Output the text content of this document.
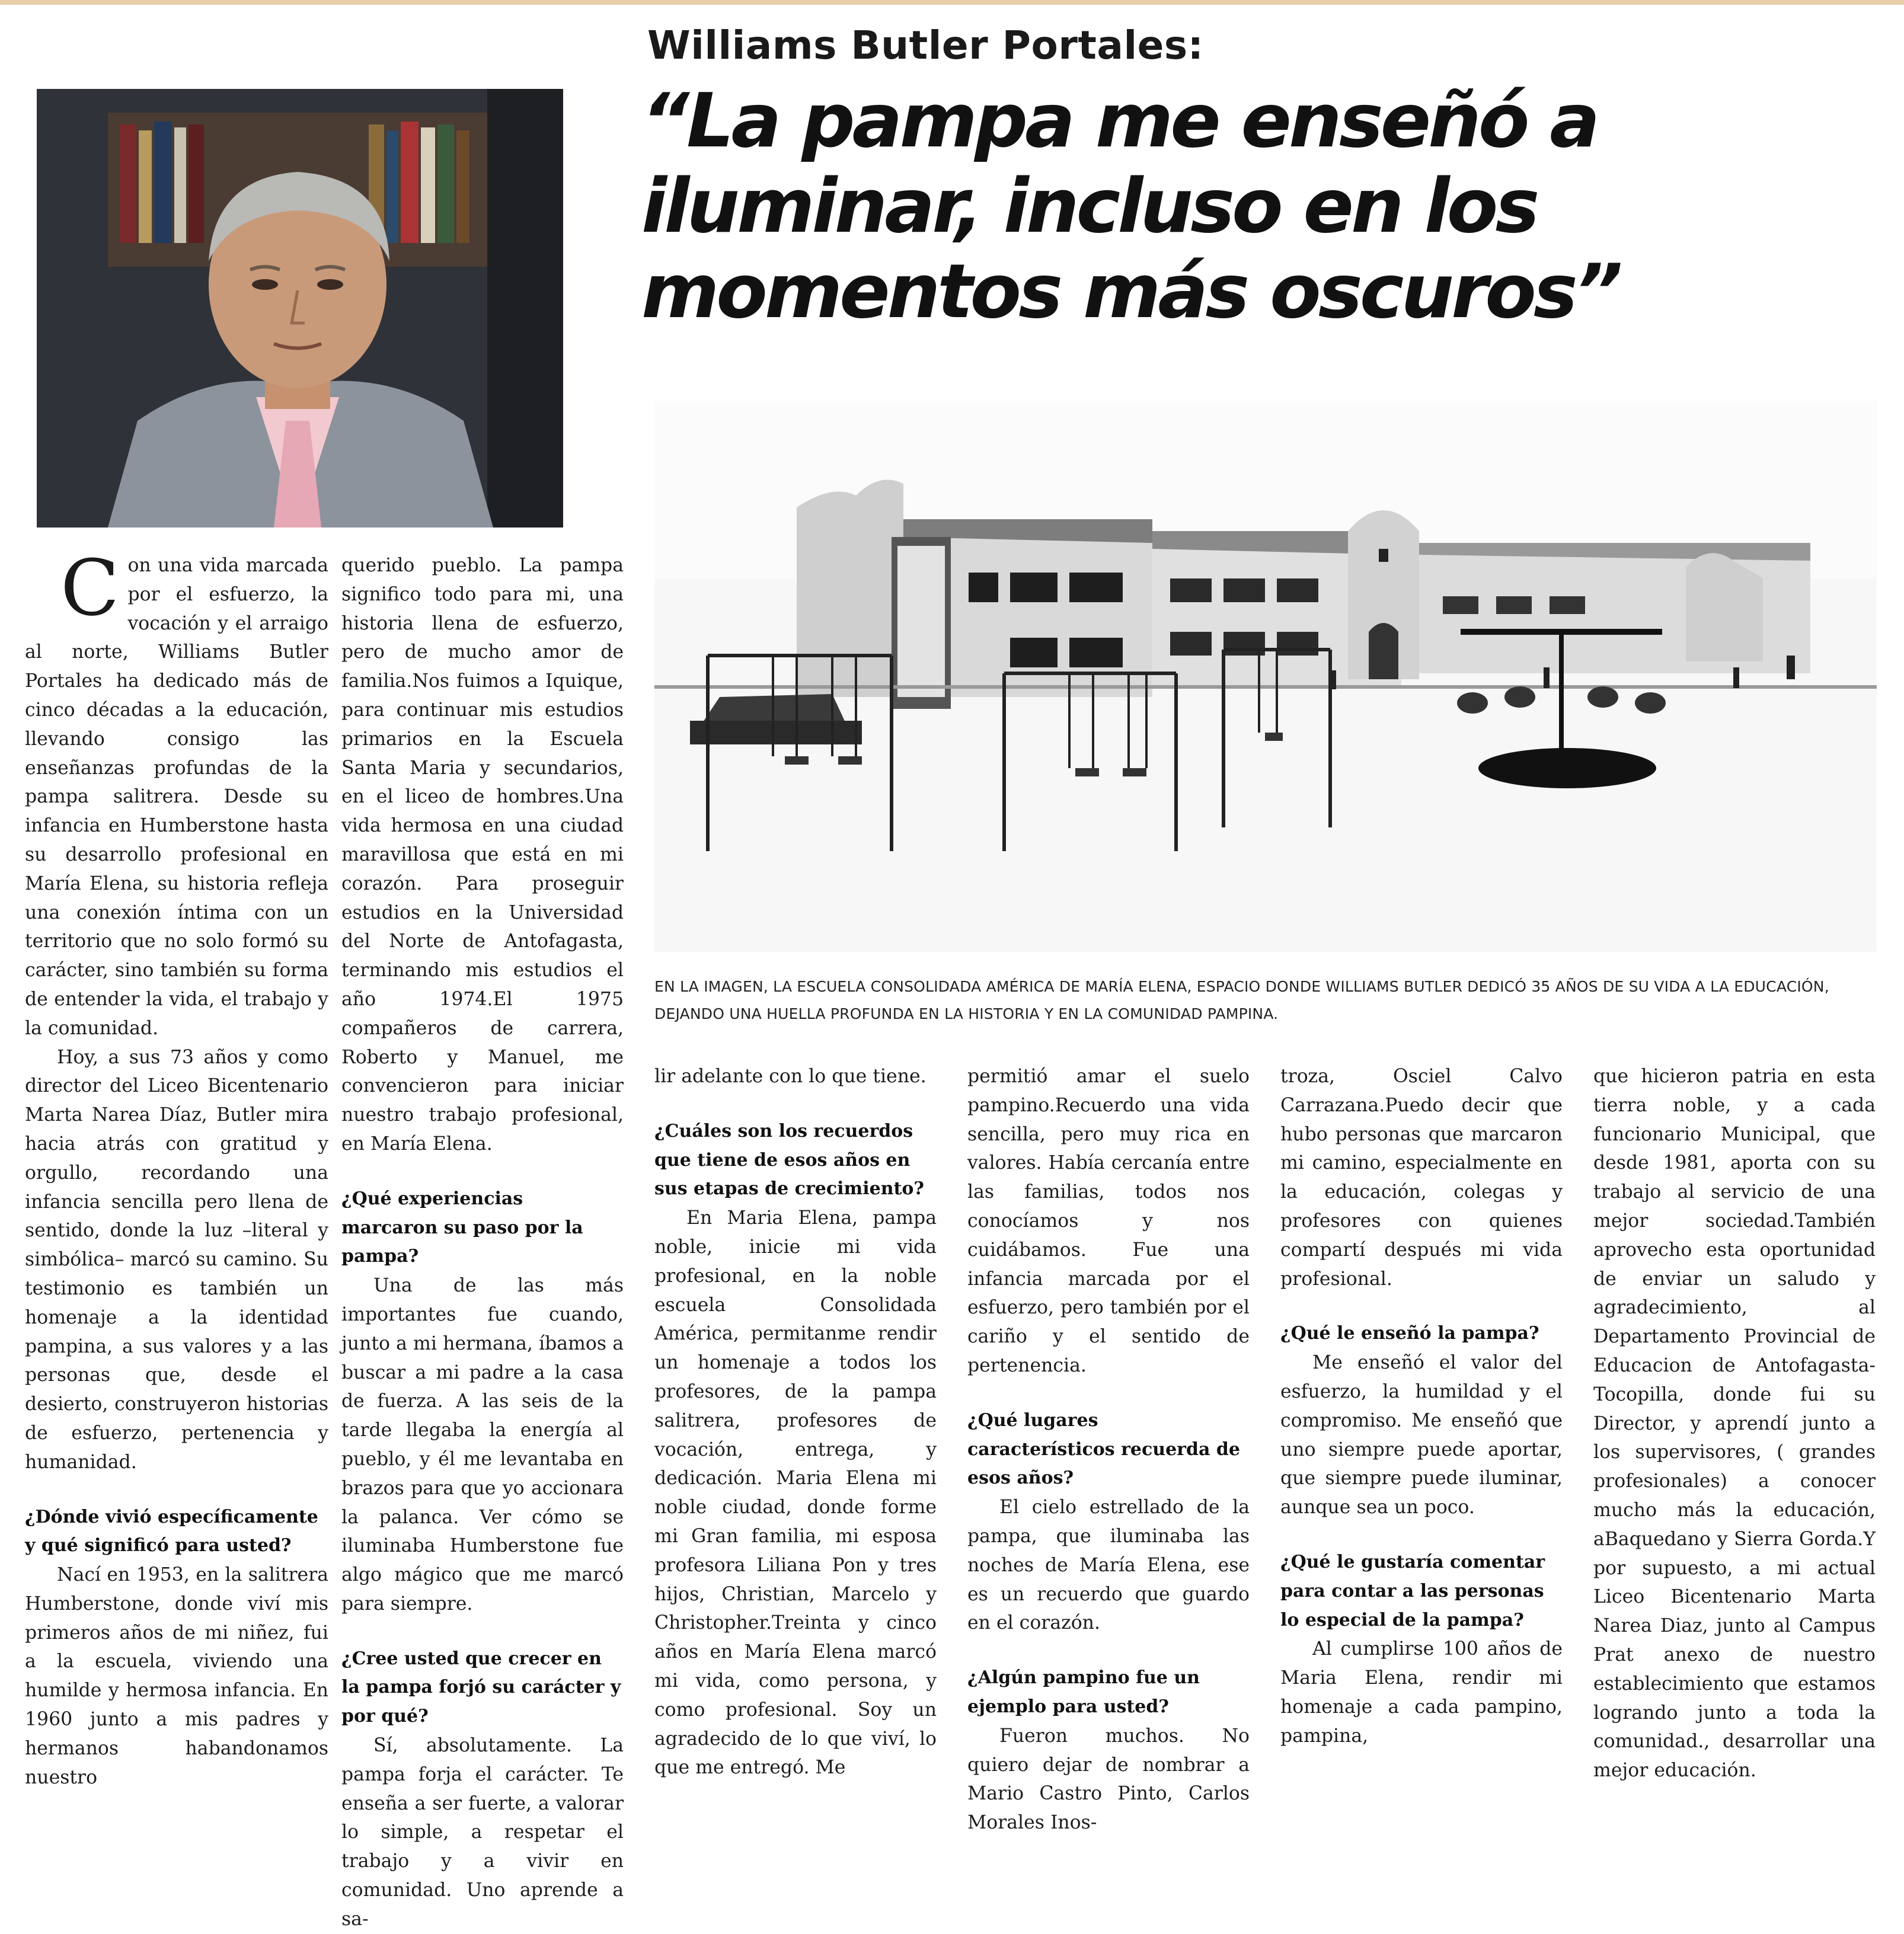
Williams Butler Portales:
“La pampa me enseñó a iluminar, incluso en los momentos más oscuros”
EN LA IMAGEN, LA ESCUELA CONSOLIDADA AMÉRICA DE MARÍA ELENA, ESPACIO DONDE WILLIAMS BUTLER DEDICÓ 35 AÑOS DE SU VIDA A LA EDUCACIÓN, DEJANDO UNA HUELLA PROFUNDA EN LA HISTORIA Y EN LA COMUNIDAD PAMPINA.

Con una vida marcada por el esfuerzo, la vocación y el arraigo al norte, Williams Butler Portales ha dedicado más de cinco décadas a la educación, llevando consigo las enseñanzas profundas de la pampa salitrera. Desde su infancia en Humberstone hasta su desarrollo profesional en María Elena, su historia refleja una conexión íntima con un territorio que no solo formó su carácter, sino también su forma de entender la vida, el trabajo y la comunidad.

Hoy, a sus 73 años y como director del Liceo Bicentenario Marta Narea Díaz, Butler mira hacia atrás con gratitud y orgullo, recordando una infancia sencilla pero llena de sentido, donde la luz –literal y simbólica– marcó su camino. Su testimonio es también un homenaje a la identidad pampina, a sus valores y a las personas que, desde el desierto, construyeron historias de esfuerzo, pertenencia y humanidad.

¿Dónde vivió específicamente y qué significó para usted?

Nací en 1953, en la salitrera Humberstone, donde viví mis primeros años de mi niñez, fui a la escuela, viviendo una humilde y hermosa infancia. En 1960 junto a mis padres y hermanos habandonamos nuestro

querido pueblo. La pampa significo todo para mi, una historia llena de esfuerzo, pero de mucho amor de familia.Nos fuimos a Iquique, para continuar mis estudios primarios en la Escuela Santa Maria y secundarios, en el liceo de hombres.Una vida hermosa en una ciudad maravillosa que está en mi corazón. Para proseguir estudios en la Universidad del Norte de Antofagasta, terminando mis estudios el año 1974.El 1975 compañeros de carrera, Roberto y Manuel, me convencieron para iniciar nuestro trabajo profesional, en María Elena.

¿Qué experiencias marcaron su paso por la pampa?

Una de las más importantes fue cuando, junto a mi hermana, íbamos a buscar a mi padre a la casa de fuerza. A las seis de la tarde llegaba la energía al pueblo, y él me levantaba en brazos para que yo accionara la palanca. Ver cómo se iluminaba Humberstone fue algo mágico que me marcó para siempre.

¿Cree usted que crecer en la pampa forjó su carácter y por qué?

Sí, absolutamente. La pampa forja el carácter. Te enseña a ser fuerte, a valorar lo simple, a respetar el trabajo y a vivir en comunidad. Uno aprende a sa-

lir adelante con lo que tiene.

¿Cuáles son los recuerdos que tiene de esos años en sus etapas de crecimiento?

En Maria Elena, pampa noble, inicie mi vida profesional, en la noble escuela Consolidada América, permitanme rendir un homenaje a todos los profesores, de la pampa salitrera, profesores de vocación, entrega, y dedicación. Maria Elena mi noble ciudad, donde forme mi Gran familia, mi esposa profesora Liliana Pon y tres hijos, Christian, Marcelo y Christopher.Treinta y cinco años en María Elena marcó mi vida, como persona, y como profesional. Soy un agradecido de lo que viví, lo que me entregó. Me

permitió amar el suelo pampino.Recuerdo una vida sencilla, pero muy rica en valores. Había cercanía entre las familias, todos nos conocíamos y nos cuidábamos. Fue una infancia marcada por el esfuerzo, pero también por el cariño y el sentido de pertenencia.

¿Qué lugares característicos recuerda de esos años?

El cielo estrellado de la pampa, que iluminaba las noches de María Elena, ese es un recuerdo que guardo en el corazón.

¿Algún pampino fue un ejemplo para usted?

Fueron muchos. No quiero dejar de nombrar a Mario Castro Pinto, Carlos Morales Inos-

troza, Osciel Calvo Carrazana.Puedo decir que hubo personas que marcaron mi camino, especialmente en la educación, colegas y profesores con quienes compartí después mi vida profesional.

¿Qué le enseñó la pampa?

Me enseñó el valor del esfuerzo, la humildad y el compromiso. Me enseñó que uno siempre puede aportar, que siempre puede iluminar, aunque sea un poco.

¿Qué le gustaría comentar para contar a las personas lo especial de la pampa?

Al cumplirse 100 años de Maria Elena, rendir mi homenaje a cada pampino, pampina,

que hicieron patria en esta tierra noble, y a cada funcionario Municipal, que desde 1981, aporta con su trabajo al servicio de una mejor sociedad.También aprovecho esta oportunidad de enviar un saludo y agradecimiento, al Departamento Provincial de Educacion de Antofagasta-Tocopilla, donde fui su Director, y aprendí junto a los supervisores, ( grandes profesionales) a conocer mucho más la educación, aBaquedano y Sierra Gorda.Y por supuesto, a mi actual Liceo Bicentenario Marta Narea Diaz, junto al Campus Prat anexo de nuestro establecimiento que estamos logrando junto a toda la comunidad., desarrollar una mejor educación.
